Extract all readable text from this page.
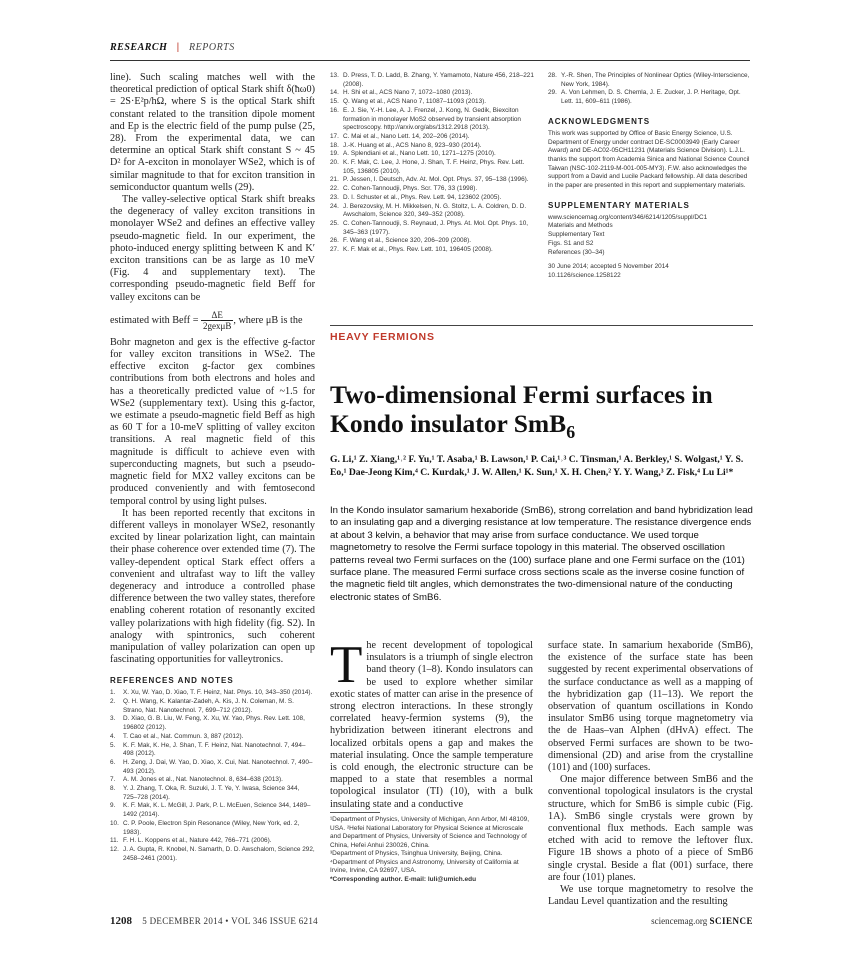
RESEARCH | REPORTS

line). Such scaling matches well with the theoretical prediction of optical Stark shift δ(ħω0) = 2S·E²p/hΩ, where S is the optical Stark shift constant related to the transition dipole moment and Ep is the electric field of the pump pulse (25, 28). From the experimental data, we can determine an optical Stark shift constant S ~ 45 D² for A-exciton in monolayer WSe2, which is of similar magnitude to that for exciton transition in semiconductor quantum wells (29).

The valley-selective optical Stark shift breaks the degeneracy of valley exciton transitions in monolayer WSe2 and defines an effective valley pseudo-magnetic field. In our experiment, the photo-induced energy splitting between K and K′ exciton transitions can be as large as 10 meV (Fig. 4 and supplementary text). The corresponding pseudo-magnetic field Beff for valley excitons can be

estimated with Beff = $\frac{\Delta E}{\text{2gexμB}}$ , where μB is the

Bohr magneton and gex is the effective g-factor for valley exciton transitions in WSe2. The effective exciton g-factor gex combines contributions from both electrons and holes and has a theoretically predicted value of ~1.5 for WSe2 (supplementary text). Using this g-factor, we estimate a pseudo-magnetic field Beff as high as 60 T for a 10-meV splitting of valley exciton transitions. A real magnetic field of this magnitude is difficult to achieve even with superconducting magnets, but such a pseudo-magnetic field for MX2 valley excitons can be produced conveniently and with femtosecond temporal control by using light pulses.

It has been reported recently that excitons in different valleys in monolayer WSe2, resonantly excited by linear polarization light, can maintain their phase coherence over extended time (7). The valley-dependent optical Stark effect offers a convenient and ultrafast way to lift the valley degeneracy and introduce a controlled phase difference between the two valley states, therefore enabling coherent rotation of resonantly excited valley polarizations with high fidelity (fig. S2). In analogy with spintronics, such coherent manipulation of valley polarization can open up fascinating opportunities for valleytronics.

REFERENCES AND NOTES
1. X. Xu, W. Yao, D. Xiao, T. F. Heinz, Nat. Phys. 10, 343–350 (2014).
2. Q. H. Wang, K. Kalantar-Zadeh, A. Kis, J. N. Coleman, M. S. Strano, Nat. Nanotechnol. 7, 699–712 (2012).
3. D. Xiao, G. B. Liu, W. Feng, X. Xu, W. Yao, Phys. Rev. Lett. 108, 196802 (2012).
4. T. Cao et al., Nat. Commun. 3, 887 (2012).
5. K. F. Mak, K. He, J. Shan, T. F. Heinz, Nat. Nanotechnol. 7, 494–498 (2012).
6. H. Zeng, J. Dai, W. Yao, D. Xiao, X. Cui, Nat. Nanotechnol. 7, 490–493 (2012).
7. A. M. Jones et al., Nat. Nanotechnol. 8, 634–638 (2013).
8. Y. J. Zhang, T. Oka, R. Suzuki, J. T. Ye, Y. Iwasa, Science 344, 725–728 (2014).
9. K. F. Mak, K. L. McGill, J. Park, P. L. McEuen, Science 344, 1489–1492 (2014).
10. C. P. Poole, Electron Spin Resonance (Wiley, New York, ed. 2, 1983).
11. F. H. L. Koppens et al., Nature 442, 766–771 (2006).
12. J. A. Gupta, R. Knobel, N. Samarth, D. D. Awschalom, Science 292, 2458–2461 (2001).
13. D. Press, T. D. Ladd, B. Zhang, Y. Yamamoto, Nature 456, 218–221 (2008).
14. H. Shi et al., ACS Nano 7, 1072–1080 (2013).
15. Q. Wang et al., ACS Nano 7, 11087–11093 (2013).
16. E. J. Sie, Y.-H. Lee, A. J. Frenzel, J. Kong, N. Gedik, Biexciton formation in monolayer MoS2 observed by transient absorption spectroscopy. http://arxiv.org/abs/1312.2918 (2013).
17. C. Mai et al., Nano Lett. 14, 202–206 (2014).
18. J.-K. Huang et al., ACS Nano 8, 923–930 (2014).
19. A. Splendiani et al., Nano Lett. 10, 1271–1275 (2010).
20. K. F. Mak, C. Lee, J. Hone, J. Shan, T. F. Heinz, Phys. Rev. Lett. 105, 136805 (2010).
21. P. Jessen, I. Deutsch, Adv. At. Mol. Opt. Phys. 37, 95–138 (1996).
22. C. Cohen-Tannoudji, Phys. Scr. T76, 33 (1998).
23. D. I. Schuster et al., Phys. Rev. Lett. 94, 123602 (2005).
24. J. Berezovsky, M. H. Mikkelsen, N. G. Stoltz, L. A. Coldren, D. D. Awschalom, Science 320, 349–352 (2008).
25. C. Cohen-Tannoudji, S. Reynaud, J. Phys. At. Mol. Opt. Phys. 10, 345–363 (1977).
26. F. Wang et al., Science 320, 206–209 (2008).
27. K. F. Mak et al., Phys. Rev. Lett. 101, 196405 (2008).
28. Y.-R. Shen, The Principles of Nonlinear Optics (Wiley-Interscience, New York, 1984).
29. A. Von Lehmen, D. S. Chemla, J. E. Zucker, J. P. Heritage, Opt. Lett. 11, 609–611 (1986).
ACKNOWLEDGMENTS

This work was supported by Office of Basic Energy Science, U.S. Department of Energy under contract DE-SC0003949 (Early Career Award) and DE-AC02-05CH11231 (Materials Science Division). L.J.L. thanks the support from Academia Sinica and National Science Council Taiwan (NSC-102-2119-M-001-005-MY3). F.W. also acknowledges the support from a David and Lucile Packard fellowship. All data described in the paper are presented in this report and supplementary materials.

SUPPLEMENTARY MATERIALS
www.sciencemag.org/content/346/6214/1205/suppl/DC1
Materials and Methods
Supplementary Text
Figs. S1 and S2
References (30–34)
30 June 2014; accepted 5 November 2014
10.1126/science.1258122
HEAVY FERMIONS
Two-dimensional Fermi surfaces in Kondo insulator SmB$_6$
G. Li,¹ Z. Xiang,¹˒² F. Yu,¹ T. Asaba,¹ B. Lawson,¹ P. Cai,¹˒³ C. Tinsman,¹ A. Berkley,¹ S. Wolgast,¹ Y. S. Eo,¹ Dae-Jeong Kim,⁴ C. Kurdak,¹ J. W. Allen,¹ K. Sun,¹ X. H. Chen,² Y. Y. Wang,³ Z. Fisk,⁴ Lu Li¹*

In the Kondo insulator samarium hexaboride (SmB6), strong correlation and band hybridization lead to an insulating gap and a diverging resistance at low temperature. The resistance divergence ends at about 3 kelvin, a behavior that may arise from surface conductance. We used torque magnetometry to resolve the Fermi surface topology in this material. The observed oscillation patterns reveal two Fermi surfaces on the (100) surface plane and one Fermi surface on the (101) surface plane. The measured Fermi surface cross sections scale as the inverse cosine function of the magnetic field tilt angles, which demonstrates the two-dimensional nature of the conducting electronic states of SmB6.

The recent development of topological insulators is a triumph of single electron band theory (1–8). Kondo insulators can be used to explore whether similar exotic states of matter can arise in the presence of strong electron interactions. In these strongly correlated heavy-fermion systems (9), the hybridization between itinerant electrons and localized orbitals opens a gap and makes the material insulating. Once the sample temperature is cold enough, the electronic structure can be mapped to a state that resembles a normal topological insulator (TI) (10), with a bulk insulating state and a conductive

¹Department of Physics, University of Michigan, Ann Arbor, MI 48109, USA. ²Hefei National Laboratory for Physical Science at Microscale and Department of Physics, University of Science and Technology of China, Hefei Anhui 230026, China.
³Department of Physics, Tsinghua University, Beijing, China.
⁴Department of Physics and Astronomy, University of California at Irvine, Irvine, CA 92697, USA.
*Corresponding author. E-mail: luli@umich.edu

surface state. In samarium hexaboride (SmB6), the existence of the surface state has been suggested by recent experimental observations of the surface conductance as well as a mapping of the hybridization gap (11–13). We report the observation of quantum oscillations in Kondo insulator SmB6 using torque magnetometry via the de Haas–van Alphen (dHvA) effect. The observed Fermi surfaces are shown to be two-dimensional (2D) and arise from the crystalline (101) and (100) surfaces.

One major difference between SmB6 and the conventional topological insulators is the crystal structure, which for SmB6 is simple cubic (Fig. 1A). SmB6 single crystals were grown by conventional flux methods. Each sample was etched with acid to remove the leftover flux. Figure 1B shows a photo of a piece of SmB6 single crystal. Beside a flat (001) surface, there are four (101) planes.

We use torque magnetometry to resolve the Landau Level quantization and the resulting

1208 5 DECEMBER 2014 • VOL 346 ISSUE 6214	sciencemag.org SCIENCE
